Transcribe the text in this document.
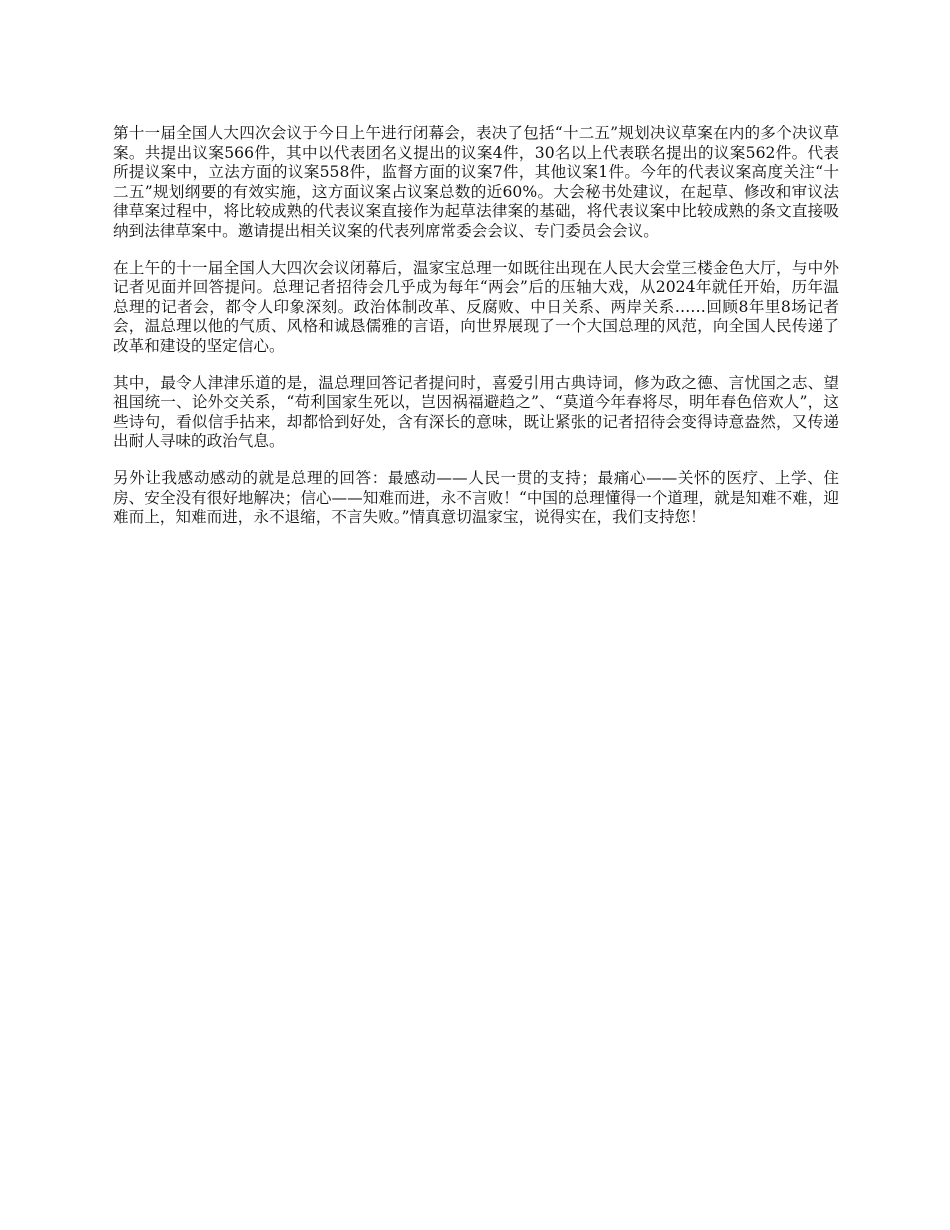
第十一届全国人大四次会议于今日上午进行闭幕会，表决了包括“十二五”规划决议草案在内的多个决议草案。共提出议案566件，其中以代表团名义提出的议案4件，30名以上代表联名提出的议案562件。代表所提议案中，立法方面的议案558件，监督方面的议案7件，其他议案1件。今年的代表议案高度关注“十二五”规划纲要的有效实施，这方面议案占议案总数的近60%。大会秘书处建议，在起草、修改和审议法律草案过程中，将比较成熟的代表议案直接作为起草法律案的基础，将代表议案中比较成熟的条文直接吸纳到法律草案中。邀请提出相关议案的代表列席常委会会议、专门委员会会议。

在上午的十一届全国人大四次会议闭幕后，温家宝总理一如既往出现在人民大会堂三楼金色大厅，与中外记者见面并回答提问。总理记者招待会几乎成为每年“两会”后的压轴大戏，从2024年就任开始，历年温总理的记者会，都令人印象深刻。政治体制改革、反腐败、中日关系、两岸关系……回顾8年里8场记者会，温总理以他的气质、风格和诚恳儒雅的言语，向世界展现了一个大国总理的风范，向全国人民传递了改革和建设的坚定信心。

其中，最令人津津乐道的是，温总理回答记者提问时，喜爱引用古典诗词，修为政之德、言忧国之志、望祖国统一、论外交关系，“苟利国家生死以，岂因祸福避趋之”、“莫道今年春将尽，明年春色倍欢人”，这些诗句，看似信手拈来，却都恰到好处，含有深长的意味，既让紧张的记者招待会变得诗意盎然，又传递出耐人寻味的政治气息。

另外让我感动感动的就是总理的回答：最感动——人民一贯的支持；最痛心——关怀的医疗、上学、住房、安全没有很好地解决；信心——知难而进，永不言败！“中国的总理懂得一个道理，就是知难不难，迎难而上，知难而进，永不退缩，不言失败。”情真意切温家宝，说得实在，我们支持您！
